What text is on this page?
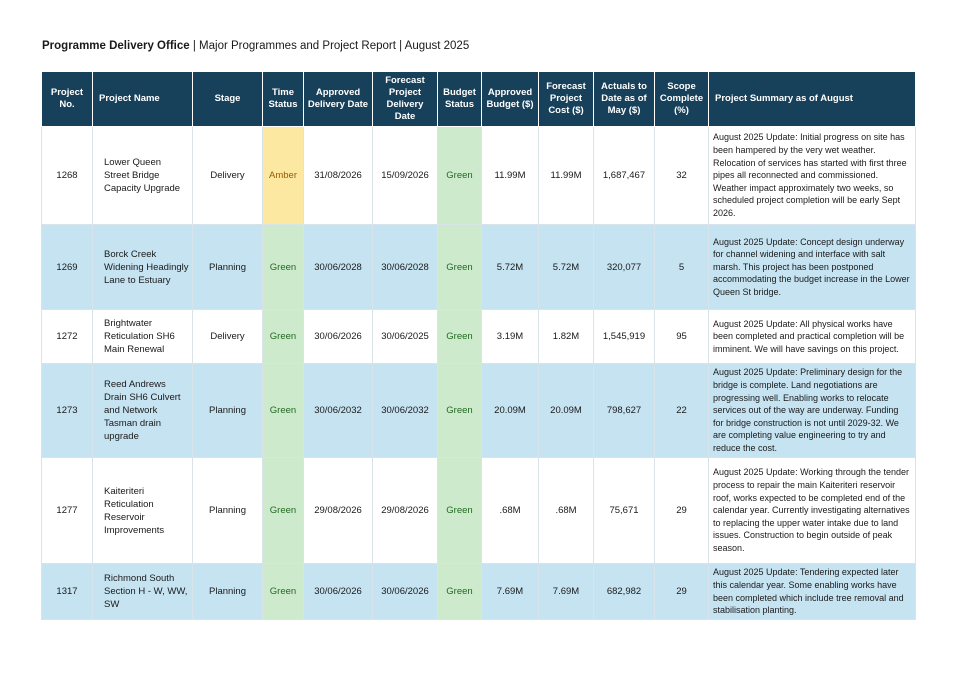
Programme Delivery Office | Major Programmes and Project Report | August 2025
Project No.	Project Name	Stage	Time Status	Approved Delivery Date	Forecast Project Delivery Date	Budget Status	Approved Budget ($)	Forecast Project Cost ($)	Actuals to Date as of May ($)	Scope Complete (%)	Project Summary as of August
1268	Lower Queen Street Bridge Capacity Upgrade	Delivery	Amber	31/08/2026	15/09/2026	Green	11.99M	11.99M	1,687,467	32	August 2025 Update: Initial progress on site has been hampered by the very wet weather. Relocation of services has started with first three pipes all reconnected and commissioned. Weather impact approximately two weeks, so scheduled project completion will be early Sept 2026.
1269	Borck Creek Widening Headingly Lane to Estuary	Planning	Green	30/06/2028	30/06/2028	Green	5.72M	5.72M	320,077	5	August 2025 Update: Concept design underway for channel widening and interface with salt marsh. This project has been postponed accommodating the budget increase in the Lower Queen St bridge.
1272	Brightwater Reticulation SH6 Main Renewal	Delivery	Green	30/06/2026	30/06/2025	Green	3.19M	1.82M	1,545,919	95	August 2025 Update: All physical works have been completed and practical completion will be imminent. We will have savings on this project.
1273	Reed Andrews Drain SH6 Culvert and Network Tasman drain upgrade	Planning	Green	30/06/2032	30/06/2032	Green	20.09M	20.09M	798,627	22	August 2025 Update: Preliminary design for the bridge is complete. Land negotiations are progressing well. Enabling works to relocate services out of the way are underway. Funding for bridge construction is not until 2029-32. We are completing value engineering to try and reduce the cost.
1277	Kaiteriteri Reticulation Reservoir Improvements	Planning	Green	29/08/2026	29/08/2026	Green	.68M	.68M	75,671	29	August 2025 Update: Working through the tender process to repair the main Kaiteriteri reservoir roof, works expected to be completed end of the calendar year. Currently investigating alternatives to replacing the upper water intake due to land issues. Construction to begin outside of peak season.
1317	Richmond South Section H - W, WW, SW	Planning	Green	30/06/2026	30/06/2026	Green	7.69M	7.69M	682,982	29	August 2025 Update: Tendering expected later this calendar year. Some enabling works have been completed which include tree removal and stabilisation planting.
